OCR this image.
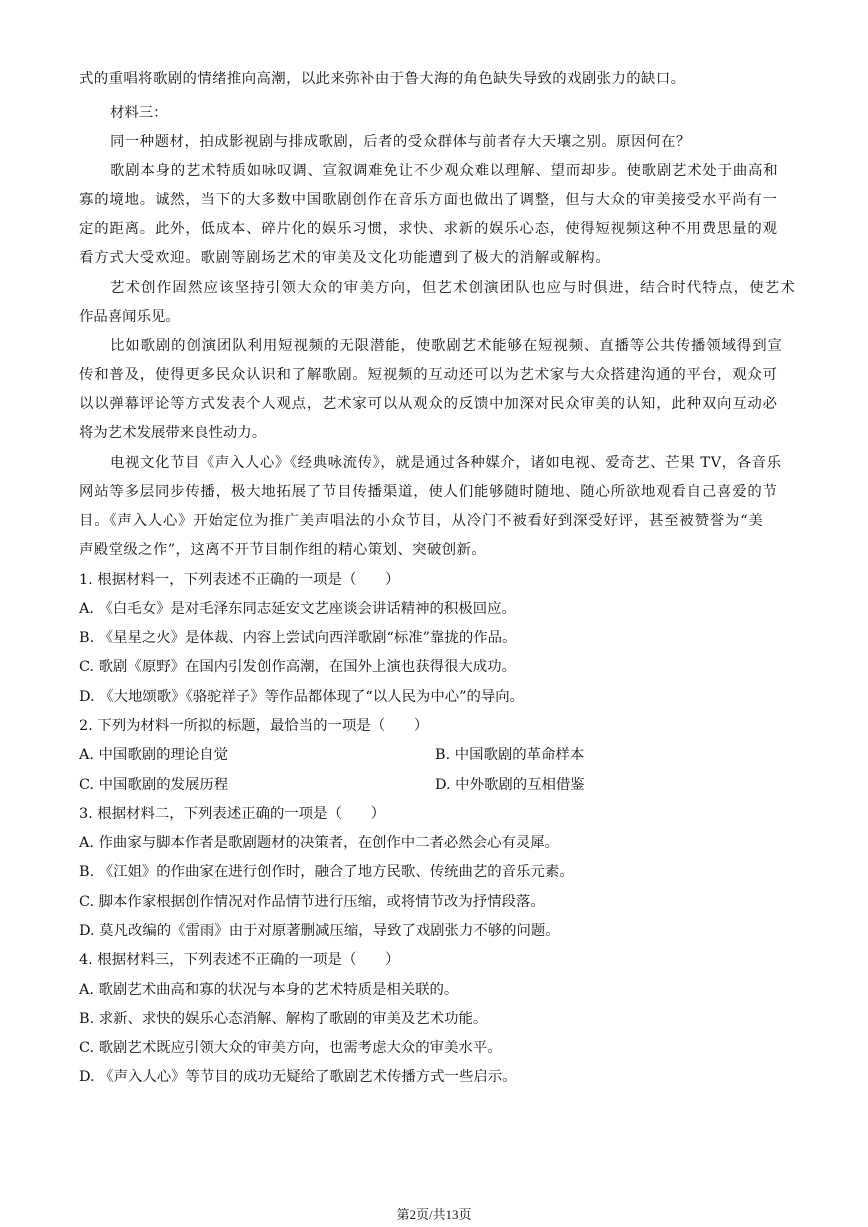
式的重唱将歌剧的情绪推向高潮，以此来弥补由于鲁大海的角色缺失导致的戏剧张力的缺口。
材料三：
同一种题材，拍成影视剧与排成歌剧，后者的受众群体与前者存大天壤之别。原因何在？
歌剧本身的艺术特质如咏叹调、宣叙调难免让不少观众难以理解、望而却步。使歌剧艺术处于曲高和
寡的境地。诚然，当下的大多数中国歌剧创作在音乐方面也做出了调整，但与大众的审美接受水平尚有一
定的距离。此外，低成本、碎片化的娱乐习惯，求快、求新的娱乐心态，使得短视频这种不用费思量的观
看方式大受欢迎。歌剧等剧场艺术的审美及文化功能遭到了极大的消解或解构。
艺术创作固然应该坚持引领大众的审美方向，但艺术创演团队也应与时俱进，结合时代特点，使艺术
作品喜闻乐见。
比如歌剧的创演团队利用短视频的无限潜能，使歌剧艺术能够在短视频、直播等公共传播领域得到宣
传和普及，使得更多民众认识和了解歌剧。短视频的互动还可以为艺术家与大众搭建沟通的平台，观众可
以以弹幕评论等方式发表个人观点，艺术家可以从观众的反馈中加深对民众审美的认知，此种双向互动必
将为艺术发展带来良性动力。
电视文化节目《声入人心》《经典咏流传》，就是通过各种媒介，诸如电视、爱奇艺、芒果 TV，各音乐
网站等多层同步传播，极大地拓展了节目传播渠道，使人们能够随时随地、随心所欲地观看自己喜爱的节
目。《声入人心》开始定位为推广美声唱法的小众节目，从冷门不被看好到深受好评，甚至被赞誉为“美
声殿堂级之作”，这离不开节目制作组的精心策划、突破创新。
1. 根据材料一，下列表述不正确的一项是（　　）
A. 《白毛女》是对毛泽东同志延安文艺座谈会讲话精神的积极回应。
B. 《星星之火》是体裁、内容上尝试向西洋歌剧“标准”靠拢的作品。
C. 歌剧《原野》在国内引发创作高潮，在国外上演也获得很大成功。
D. 《大地颂歌》《骆驼祥子》等作品都体现了“以人民为中心”的导向。
2. 下列为材料一所拟的标题，最恰当的一项是（　　）
A. 中国歌剧的理论自觉	B. 中国歌剧的革命样本
C. 中国歌剧的发展历程	D. 中外歌剧的互相借鉴
3. 根据材料二，下列表述正确的一项是（　　）
A. 作曲家与脚本作者是歌剧题材的决策者，在创作中二者必然会心有灵犀。
B. 《江姐》的作曲家在进行创作时，融合了地方民歌、传统曲艺的音乐元素。
C. 脚本作家根据创作情况对作品情节进行压缩，或将情节改为抒情段落。
D. 莫凡改编的《雷雨》由于对原著删减压缩，导致了戏剧张力不够的问题。
4. 根据材料三，下列表述不正确的一项是（　　）
A. 歌剧艺术曲高和寡的状况与本身的艺术特质是相关联的。
B. 求新、求快的娱乐心态消解、解构了歌剧的审美及艺术功能。
C. 歌剧艺术既应引领大众的审美方向，也需考虑大众的审美水平。
D. 《声入人心》等节目的成功无疑给了歌剧艺术传播方式一些启示。
第2页/共13页
